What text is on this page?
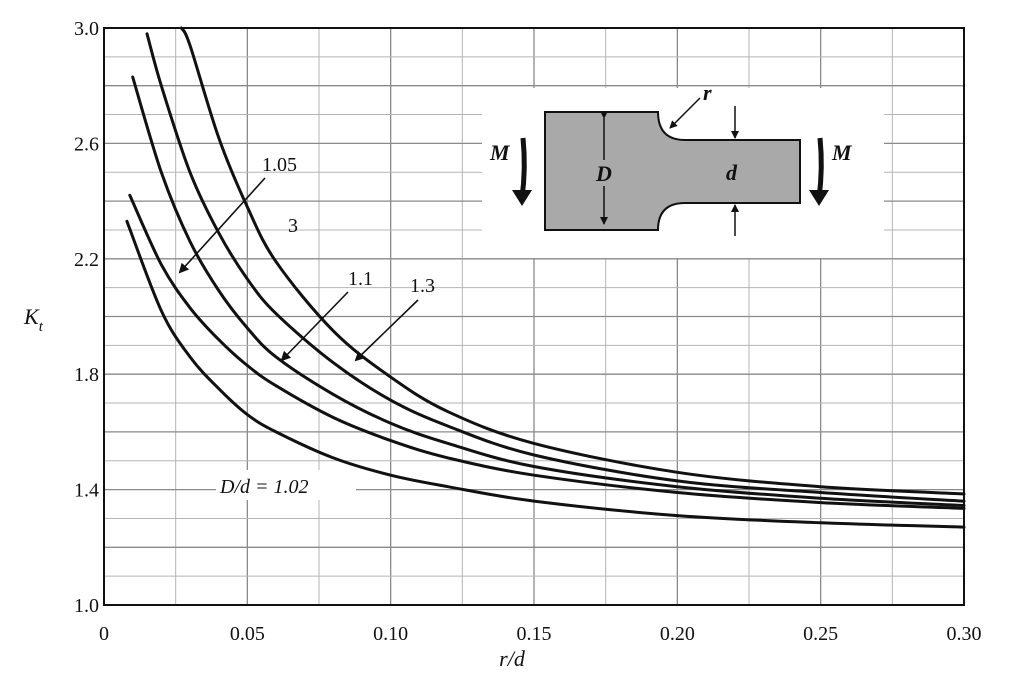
0	0.05	0.10	0.15	0.20	0.25	0.30
1.0
1.4
1.8
2.2
2.6
3.0
r/d
$K_t$
1.05
3
1.1 1.3
D/d = 1.02
D	d
r
M	M
